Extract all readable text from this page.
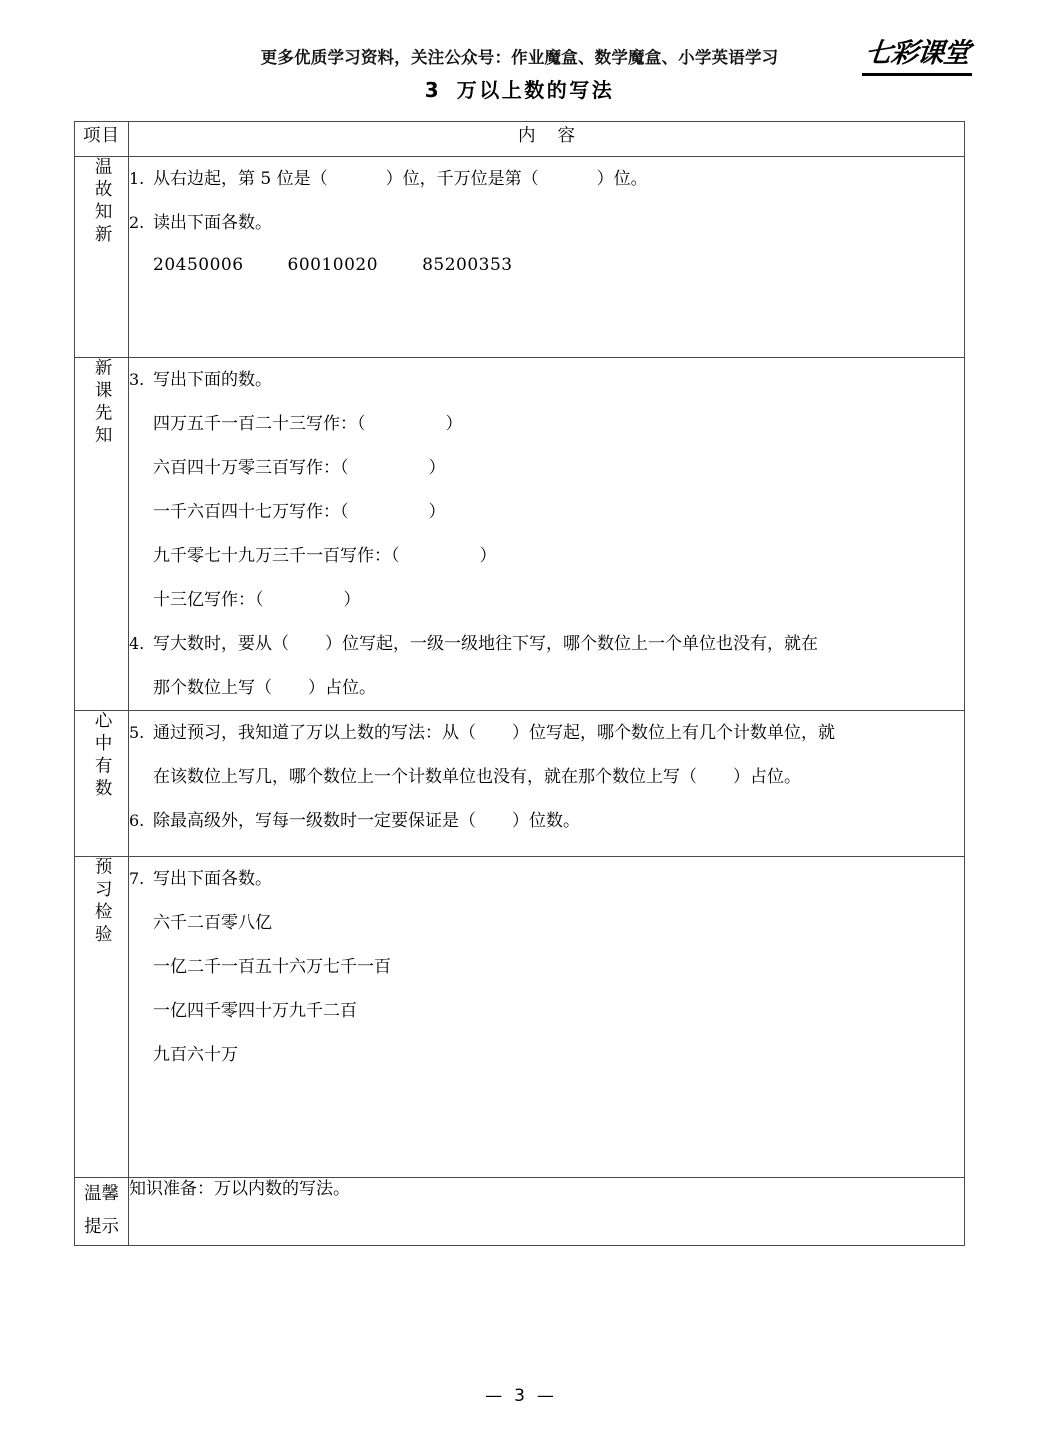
更多优质学习资料，关注公众号：作业魔盒、数学魔盒、小学英语学习
3 万以上数的写法
七彩课堂
项目	内 容
温故知新	1. 从右边起，第 5 位是（ ）位，千万位是第（ ）位。
2. 读出下面各数。
20450006 60010020 85200353

新课先知	3. 写出下面的数。
四万五千一百二十三写作：（	）
六百四十万零三百写作：（	）
一千六百四十七万写作：（	）
九千零七十九万三千一百写作：（	）
十三亿写作：（	）
4. 写大数时，要从（ ）位写起，一级一级地往下写，哪个数位上一个单位也没有，就在
那个数位上写（ ）占位。

心中有数	5. 通过预习，我知道了万以上数的写法：从（ ）位写起，哪个数位上有几个计数单位，就
在该数位上写几，哪个数位上一个计数单位也没有，就在那个数位上写（ ）占位。
6. 除最高级外，写每一级数时一定要保证是（ ）位数。

预习检验	7. 写出下面各数。
六千二百零八亿
一亿二千一百五十六万七千一百
一亿四千零四十万九千二百
九百六十万

温馨
提示	知识准备：万以内数的写法。
— 3 —
